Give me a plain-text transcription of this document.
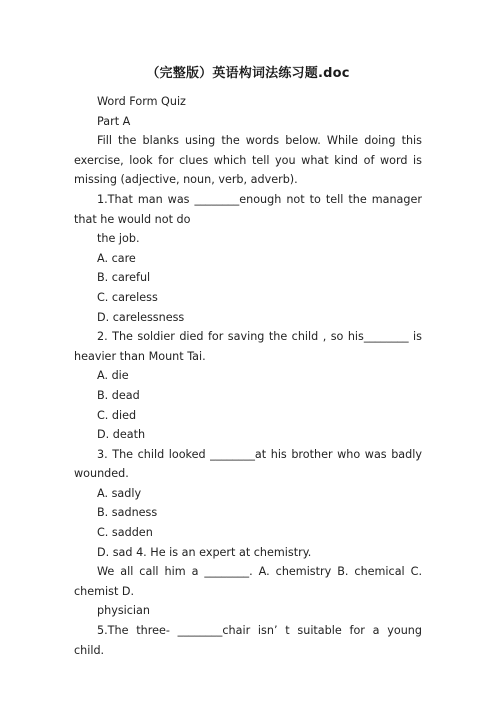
（完整版）英语构词法练习题.doc

Word Form Quiz

Part A

Fill the blanks using the words below. While doing this exercise, look for clues which tell you what kind of word is missing (adjective, noun, verb, adverb).

1.That man was ________enough not to tell the manager that he would not do

the job.

A. care

B. careful

C. careless

D. carelessness

2. The soldier died for saving the child , so his________ is heavier than Mount Tai.

A. die

B. dead

C. died

D. death

3. The child looked ________at his brother who was badly wounded.

A. sadly

B. sadness

C. sadden

D. sad 4. He is an expert at chemistry.

We all call him a ________. A. chemistry B. chemical C. chemist D.

physician

5.The three- ________chair isn’ t suitable for a young child.
